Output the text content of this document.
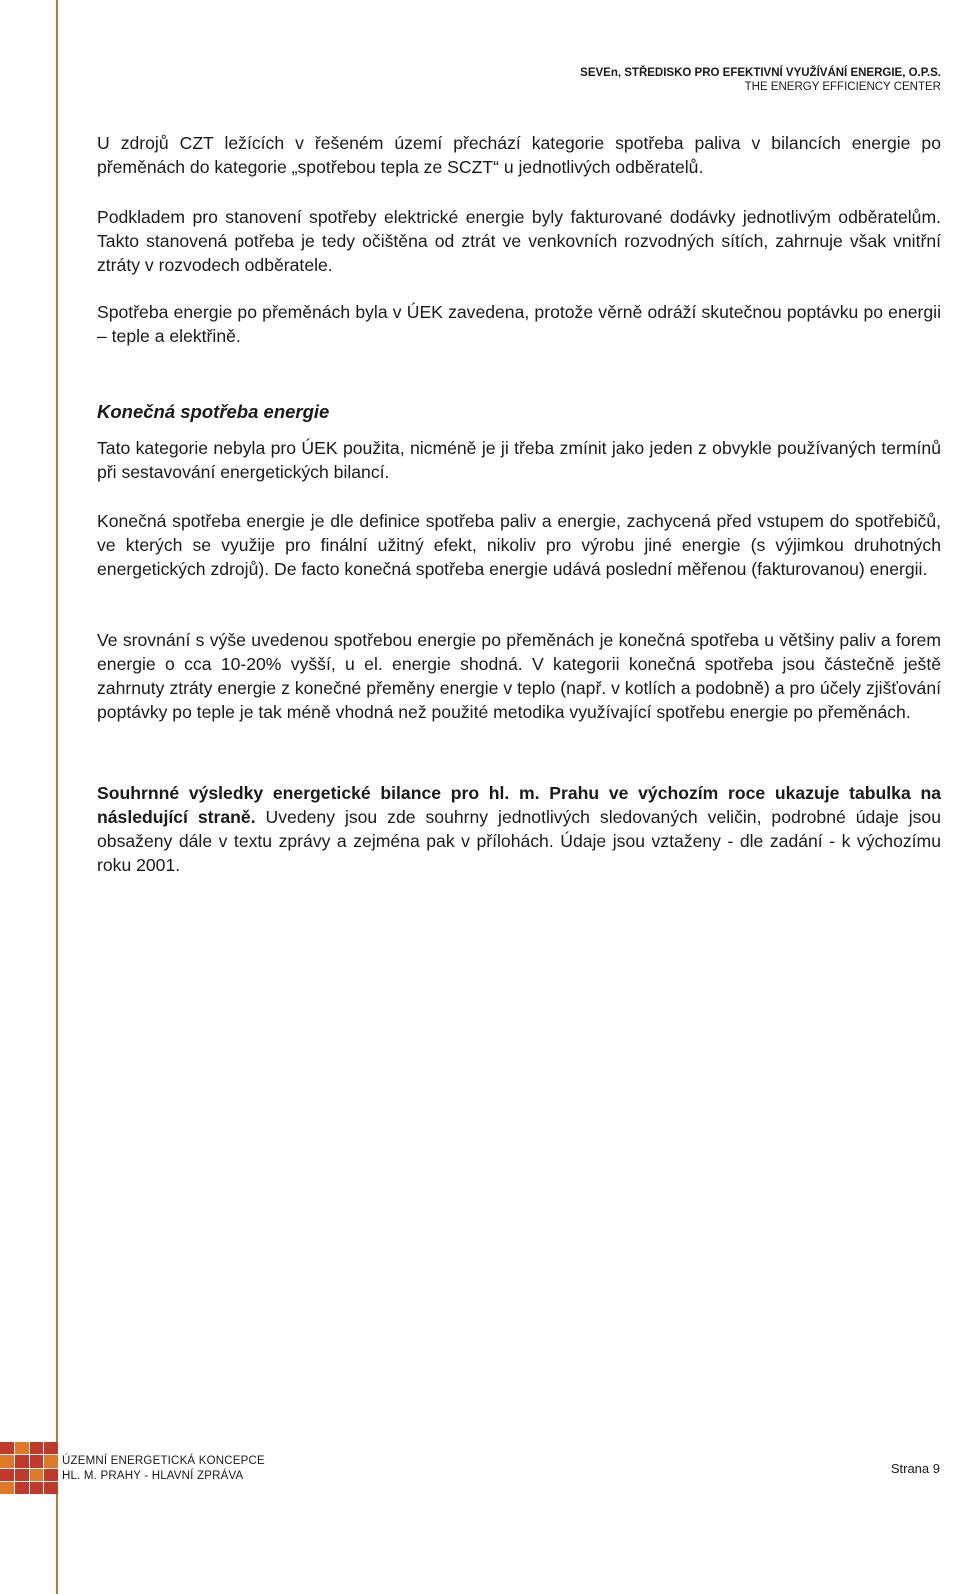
SEVEn, STŘEDISKO PRO EFEKTIVNÍ VYUŽÍVÁNÍ ENERGIE, O.P.S.
THE ENERGY EFFICIENCY CENTER

U zdrojů CZT ležících v řešeném území přechází kategorie spotřeba paliva v bilancích energie po přeměnách do kategorie „spotřebou tepla ze SCZT“ u jednotlivých odběratelů.

Podkladem pro stanovení spotřeby elektrické energie byly fakturované dodávky jednotlivým odběratelům. Takto stanovená potřeba je tedy očištěna od ztrát ve venkovních rozvodných sítích, zahrnuje však vnitřní ztráty v rozvodech odběratele.

Spotřeba energie po přeměnách byla v ÚEK zavedena, protože věrně odráží skutečnou poptávku po energii – teple a elektřině.

Konečná spotřeba energie

Tato kategorie nebyla pro ÚEK použita, nicméně je ji třeba zmínit jako jeden z obvykle používaných termínů při sestavování energetických bilancí.

Konečná spotřeba energie je dle definice spotřeba paliv a energie, zachycená před vstupem do spotřebičů, ve kterých se využije pro finální užitný efekt, nikoliv pro výrobu jiné energie (s výjimkou druhotných energetických zdrojů). De facto konečná spotřeba energie udává poslední měřenou (fakturovanou) energii.

Ve srovnání s výše uvedenou spotřebou energie po přeměnách je konečná spotřeba u většiny paliv a forem energie o cca 10-20% vyšší, u el. energie shodná. V kategorii konečná spotřeba jsou částečně ještě zahrnuty ztráty energie z konečné přeměny energie v teplo (např. v kotlích a podobně) a pro účely zjišťování poptávky po teple je tak méně vhodná než použité metodika využívající spotřebu energie po přeměnách.

Souhrnné výsledky energetické bilance pro hl. m. Prahu ve výchozím roce ukazuje tabulka na následující straně. Uvedeny jsou zde souhrny jednotlivých sledovaných veličin, podrobné údaje jsou obsaženy dále v textu zprávy a zejména pak v přílohách. Údaje jsou vztaženy - dle zadání - k výchozímu roku 2001.

ÚZEMNÍ ENERGETICKÁ KONCEPCE
HL. M. PRAHY - HLAVNÍ ZPRÁVA	Strana 9
